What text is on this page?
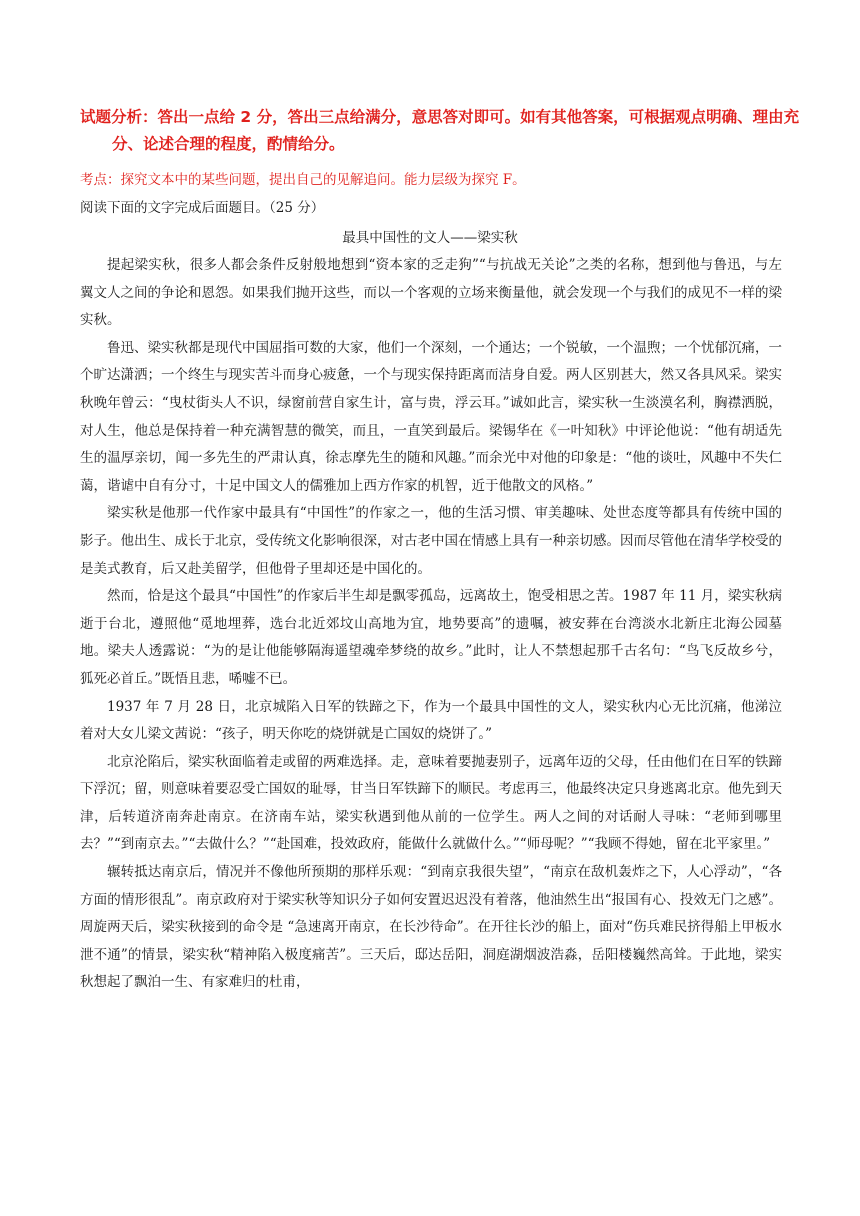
试题分析：答出一点给 2 分，答出三点给满分，意思答对即可。如有其他答案，可根据观点明确、理由充
分、论述合理的程度，酌情给分。
考点：探究文本中的某些问题，提出自己的见解追问。能力层级为探究 F。
阅读下面的文字完成后面题目。（25 分）
最具中国性的文人——梁实秋

提起梁实秋，很多人都会条件反射般地想到“资本家的乏走狗”“与抗战无关论”之类的名称，想到他与鲁迅，与左翼文人之间的争论和恩怨。如果我们抛开这些，而以一个客观的立场来衡量他，就会发现一个与我们的成见不一样的梁实秋。

鲁迅、梁实秋都是现代中国屈指可数的大家，他们一个深刻，一个通达；一个锐敏，一个温煦；一个忧郁沉痛，一个旷达潇洒；一个终生与现实苦斗而身心疲惫，一个与现实保持距离而洁身自爱。两人区别甚大，然又各具风采。梁实秋晚年曾云：“曳杖街头人不识，绿窗前营自家生计，富与贵，浮云耳。”诚如此言，梁实秋一生淡漠名利，胸襟洒脱，对人生，他总是保持着一种充满智慧的微笑，而且，一直笑到最后。梁锡华在《一叶知秋》中评论他说：“他有胡适先生的温厚亲切，闻一多先生的严肃认真，徐志摩先生的随和风趣。”而余光中对他的印象是：“他的谈吐，风趣中不失仁蔼，谐谑中自有分寸，十足中国文人的儒雅加上西方作家的机智，近于他散文的风格。”

梁实秋是他那一代作家中最具有“中国性”的作家之一，他的生活习惯、审美趣味、处世态度等都具有传统中国的影子。他出生、成长于北京，受传统文化影响很深，对古老中国在情感上具有一种亲切感。因而尽管他在清华学校受的是美式教育，后又赴美留学，但他骨子里却还是中国化的。

然而，恰是这个最具“中国性”的作家后半生却是飘零孤岛，远离故土，饱受相思之苦。1987 年 11 月，梁实秋病逝于台北，遵照他“觅地埋葬，选台北近郊坟山高地为宜，地势要高”的遗嘱，被安葬在台湾淡水北新庄北海公园墓地。梁夫人透露说：“为的是让他能够隔海遥望魂牵梦绕的故乡。”此时，让人不禁想起那千古名句：“鸟飞反故乡兮，狐死必首丘。”既悟且悲，唏嘘不已。

1937 年 7 月 28 日，北京城陷入日军的铁蹄之下，作为一个最具中国性的文人，梁实秋内心无比沉痛，他涕泣着对大女儿梁文茜说：“孩子，明天你吃的烧饼就是亡国奴的烧饼了。”

北京沦陷后，梁实秋面临着走或留的两难选择。走，意味着要抛妻别子，远离年迈的父母，任由他们在日军的铁蹄下浮沉；留，则意味着要忍受亡国奴的耻辱，甘当日军铁蹄下的顺民。考虑再三，他最终决定只身逃离北京。他先到天津，后转道济南奔赴南京。在济南车站，梁实秋遇到他从前的一位学生。两人之间的对话耐人寻味：“老师到哪里去？”“到南京去。”“去做什么？”“赴国难，投效政府，能做什么就做什么。”“师母呢？”“我顾不得她，留在北平家里。”

辗转抵达南京后，情况并不像他所预期的那样乐观：“到南京我很失望”，“南京在敌机轰炸之下，人心浮动”，“各方面的情形很乱”。南京政府对于梁实秋等知识分子如何安置迟迟没有着落，他油然生出“报国有心、投效无门之感”。周旋两天后，梁实秋接到的命令是 “急速离开南京，在长沙待命”。在开往长沙的船上，面对“伤兵难民挤得船上甲板水泄不通”的情景，梁实秋“精神陷入极度痛苦”。三天后，邸达岳阳，洞庭湖烟波浩淼，岳阳楼巍然高耸。于此地，梁实秋想起了飘泊一生、有家难归的杜甫，
